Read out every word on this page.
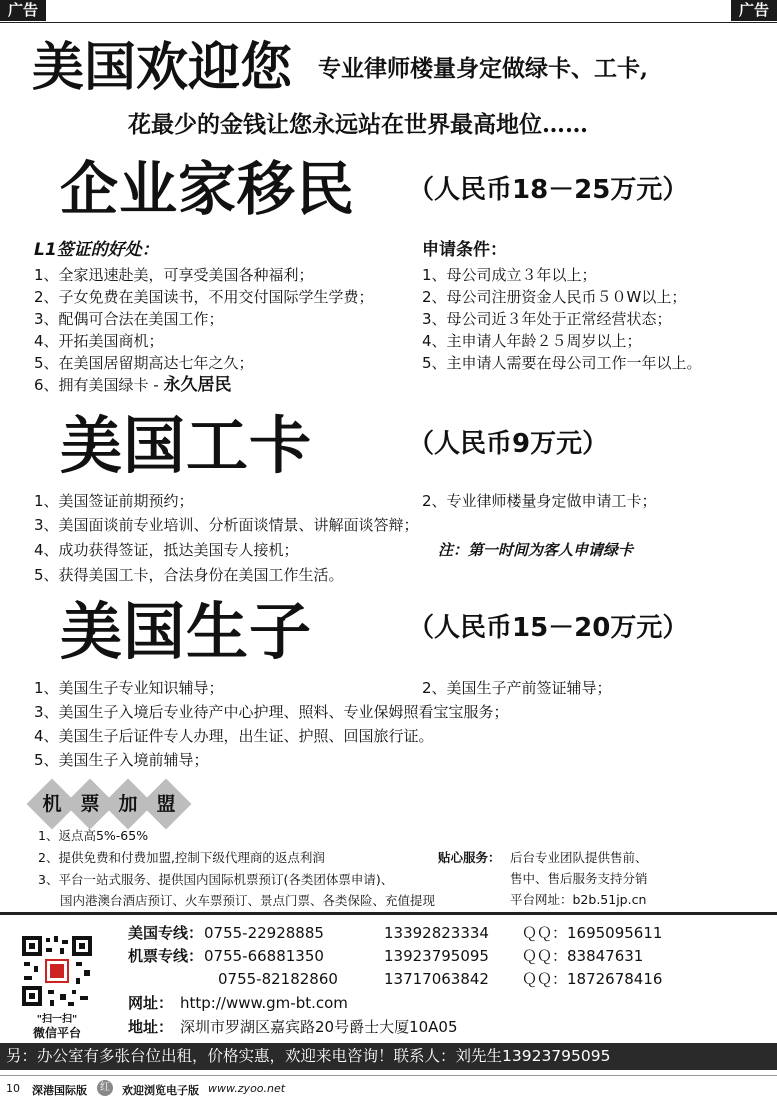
广告	广告
美国欢迎您 专业律师楼量身定做绿卡、工卡,
花最少的金钱让您永远站在世界最高地位……
企业家移民 （人民币18－25万元）
L1签证的好处：
1、全家迅速赴美，可享受美国各种福利；
2、子女免费在美国读书，不用交付国际学生学费；
3、配偶可合法在美国工作；
4、开拓美国商机；
5、在美国居留期高达七年之久；
6、拥有美国绿卡 - 永久居民
申请条件：
1、母公司成立３年以上；
2、母公司注册资金人民币５０W以上；
3、母公司近３年处于正常经营状态；
4、主申请人年龄２５周岁以上；
5、主申请人需要在母公司工作一年以上。
美国工卡	（人民币9万元）
1、美国签证前期预约；	2、专业律师楼量身定做申请工卡；
3、美国面谈前专业培训、分析面谈情景、讲解面谈答辩；
4、成功获得签证，抵达美国专人接机；	注：第一时间为客人申请绿卡
5、获得美国工卡，合法身份在美国工作生活。
美国生子	（人民币15－20万元）
1、美国生子专业知识辅导；	2、美国生子产前签证辅导；
3、美国生子入境后专业待产中心护理、照料、专业保姆照看宝宝服务；
4、美国生子后证件专人办理，出生证、护照、回国旅行证。
5、美国生子入境前辅导；
机 票 加 盟
1、返点高5%-65%
2、提供免费和付费加盟,控制下级代理商的返点利润
3、平台一站式服务、提供国内国际机票预订(各类团体票申请)、
国内港澳台酒店预订、火车票预订、景点门票、各类保险、充值提现
贴心服务： 后台专业团队提供售前、
售中、售后服务支持分销
平台网址：b2b.51jp.cn
"扫一扫"
微信平台
美国专线： 0755-22928885	13392823334 ＱＱ：1695095611
机票专线： 0755-66881350	13923795095 ＱＱ：83847631
0755-82182860	13717063842 ＱＱ：1872678416
网址： http://www.gm-bt.com
地址： 深圳市罗湖区嘉宾路20号爵士大厦10A05
另：办公室有多张台位出租，价格实惠，欢迎来电咨询！联系人：刘先生13923795095
10 深港国际版	红 欢迎浏览电子版 www.zyoo.net
